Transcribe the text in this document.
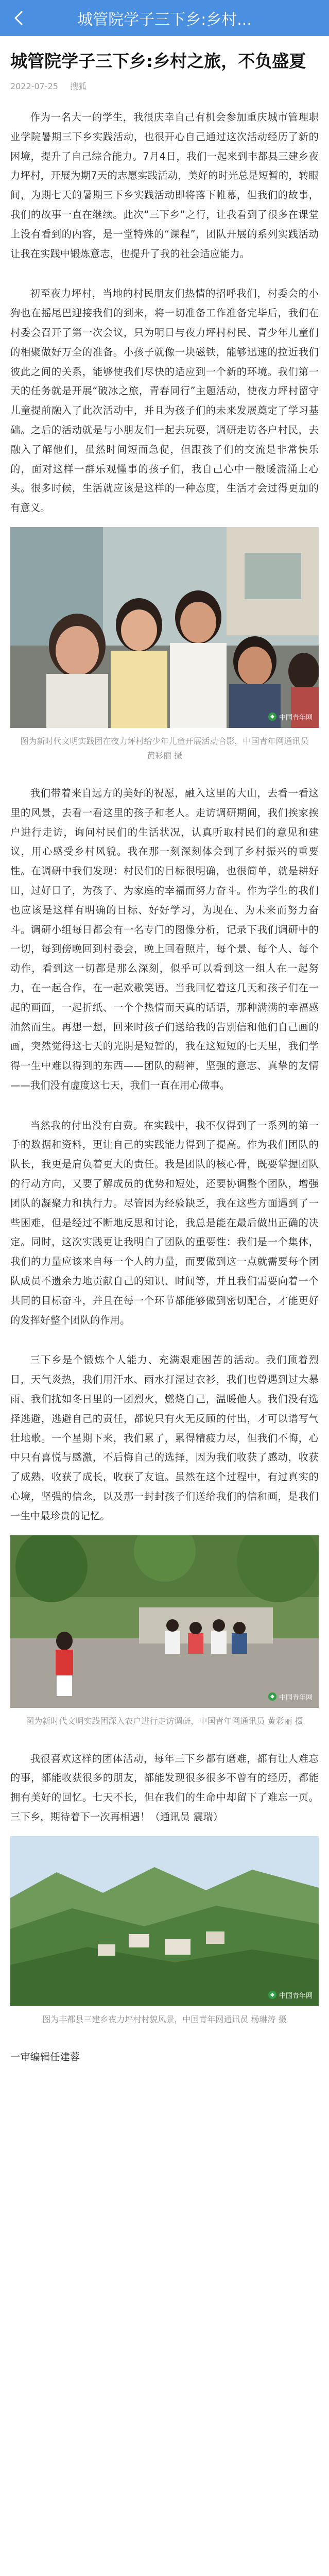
城管院学子三下乡:乡村...
城管院学子三下乡:乡村之旅，不负盛夏
2022-07-25 搜狐

作为一名大一的学生，我很庆幸自己有机会参加重庆城市管理职业学院暑期三下乡实践活动，也很开心自己通过这次活动经历了新的困境，提升了自己综合能力。7月4日，我们一起来到丰都县三建乡夜力坪村，开展为期7天的志愿实践活动，美好的时光总是短暂的，转眼间，为期七天的暑期三下乡实践活动即将落下帷幕，但我们的故事，我们的故事一直在继续。此次“三下乡”之行，让我看到了很多在课堂上没有看到的内容，是一堂特殊的“课程”，团队开展的系列实践活动让我在实践中锻炼意志，也提升了我的社会适应能力。

初至夜力坪村，当地的村民朋友们热情的招呼我们，村委会的小狗也在摇尾巴迎接我们的到来，将一切准备工作准备完毕后，我们在村委会召开了第一次会议，只为明日与夜力坪村村民、青少年儿童们的相聚做好万全的准备。小孩子就像一块磁铁，能够迅速的拉近我们彼此之间的关系，能够使我们尽快的适应到一个新的环境。我们第一天的任务就是开展“破冰之旅，青春同行”主题活动，使夜力坪村留守儿童提前融入了此次活动中，并且为孩子们的未来发展奠定了学习基础。之后的活动就是与小朋友们一起去玩耍，调研走访各户村民，去融入了解他们，虽然时间短而急促，但跟孩子们的交流是非常快乐的，面对这样一群乐观懂事的孩子们，我自己心中一般暖流涌上心头。很多时候，生活就应该是这样的一种态度，生活才会过得更加的有意义。

中国青年网

图为新时代文明实践团在夜力坪村给少年儿童开展活动合影，中国青年网通讯员 黄彩丽 摄

我们带着来自远方的美好的祝愿，融入这里的大山，去看一看这里的风景，去看一看这里的孩子和老人。走访调研期间，我们挨家挨户进行走访，询问村民们的生活状况，认真听取村民们的意见和建议，用心感受乡村风貌。我在那一刻深刻体会到了乡村振兴的重要性。在调研中我们发现：村民们的目标很明确，也很简单，就是耕好田，过好日子，为孩子、为家庭的幸福而努力奋斗。作为学生的我们也应该是这样有明确的目标、好好学习，为现在、为未来而努力奋斗。调研小组每日都会有一名专门的图像分析，记录下我们调研中的一切，每到傍晚回到村委会，晚上回看照片，每个景、每个人、每个动作，看到这一切都是那么深刻，似乎可以看到这一组人在一起努力，在一起合作，在一起欢歌笑语。当我回忆着这几天和孩子们在一起的画面，一起折纸、一个个热情而天真的话语，那种满满的幸福感油然而生。再想一想，回来时孩子们送给我的告别信和他们自己画的画，突然觉得这七天的光阴是短暂的，我在这短短的七天里，我们学得一生中难以得到的东西——团队的精神，坚强的意志、真挚的友情——我们没有虚度这七天，我们一直在用心做事。

当然我的付出没有白费。在实践中，我不仅得到了一系列的第一手的数据和资料，更让自己的实践能力得到了提高。作为我们团队的队长，我更是肩负着更大的责任。我是团队的核心骨，既要掌握团队的行动方向，又要了解成员的优势和短处，还要协调整个团队，增强团队的凝聚力和执行力。尽管因为经验缺乏，我在这些方面遇到了一些困难，但是经过不断地反思和讨论，我总是能在最后做出正确的决定。同时，这次实践更让我明白了团队的重要性：我们是一个集体，我们的力量应该来自每一个人的力量，而要做到这一点就需要每个团队成员不遗余力地贡献自己的知识、时间等，并且我们需要向着一个共同的目标奋斗，并且在每一个环节都能够做到密切配合，才能更好的发挥好整个团队的作用。

三下乡是个锻炼个人能力、充满艰难困苦的活动。我们顶着烈日，天气炎热，我们用汗水、雨水打湿过衣衫，我们也曾遇到过大暴雨、我们扰如冬日里的一团烈火，燃烧自己，温暖他人。我们没有选择逃避，逃避自己的责任，都说只有火无反顾的付出，才可以谱写气壮地歌。一个星期下来，我们累了，累得精疲力尽，但我们不悔，心中只有喜悦与感激，不后悔自己的选择，因为我们收获了感动，收获了成熟，收获了成长，收获了友谊。虽然在这个过程中，有过真实的心境，坚强的信念，以及那一封封孩子们送给我们的信和画，是我们一生中最珍贵的记忆。

中国青年网

图为新时代文明实践团深入农户进行走访调研，中国青年网通讯员 黄彩丽 摄

我很喜欢这样的团体活动，每年三下乡都有磨难，都有让人难忘的事，都能收获很多的朋友，都能发现很多很多不曾有的经历，都能拥有美好的回忆。七天不长，但在我们的生命中却留下了难忘一页。三下乡，期待着下一次再相遇！（通讯员 震瑞）

中国青年网

图为丰都县三建乡夜力坪村村貌风景，中国青年网通讯员 杨琳涛 摄

一审编辑任建蓉
